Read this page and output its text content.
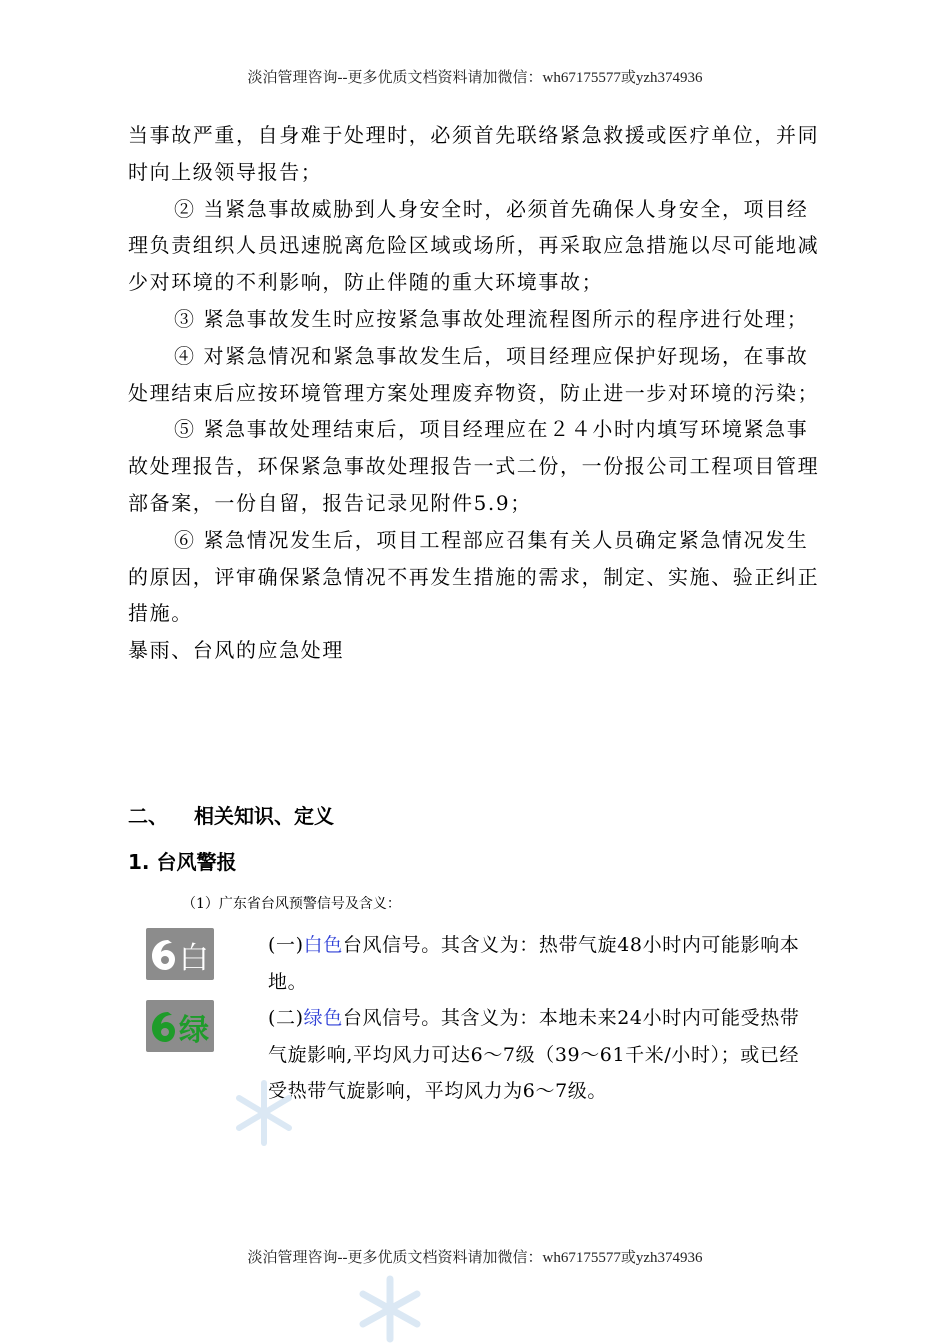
淡泊管理咨询--更多优质文档资料请加微信：wh67175577或yzh374936

当事故严重，自身难于处理时，必须首先联络紧急救援或医疗单位，并同时向上级领导报告；

② 当紧急事故威胁到人身安全时，必须首先确保人身安全，项目经理负责组织人员迅速脱离危险区域或场所，再采取应急措施以尽可能地减少对环境的不利影响，防止伴随的重大环境事故；

③ 紧急事故发生时应按紧急事故处理流程图所示的程序进行处理；

④ 对紧急情况和紧急事故发生后，项目经理应保护好现场，在事故处理结束后应按环境管理方案处理废弃物资，防止进一步对环境的污染；

⑤ 紧急事故处理结束后，项目经理应在２４小时内填写环境紧急事故处理报告，环保紧急事故处理报告一式二份，一份报公司工程项目管理部备案，一份自留，报告记录见附件5.9；

⑥ 紧急情况发生后，项目工程部应召集有关人员确定紧急情况发生的原因，评审确保紧急情况不再发生措施的需求，制定、实施、验正纠正措施。

暴雨、台风的应急处理

二、 相关知识、定义
1. 台风警报
（1）广东省台风预警信号及含义：
白
绿

(一)白色台风信号。其含义为：热带气旋48小时内可能影响本地。

(二)绿色台风信号。其含义为：本地未来24小时内可能受热带气旋影响,平均风力可达6～7级（39～61千米/小时）；或已经受热带气旋影响，平均风力为6～7级。

淡泊管理咨询--更多优质文档资料请加微信：wh67175577或yzh374936
